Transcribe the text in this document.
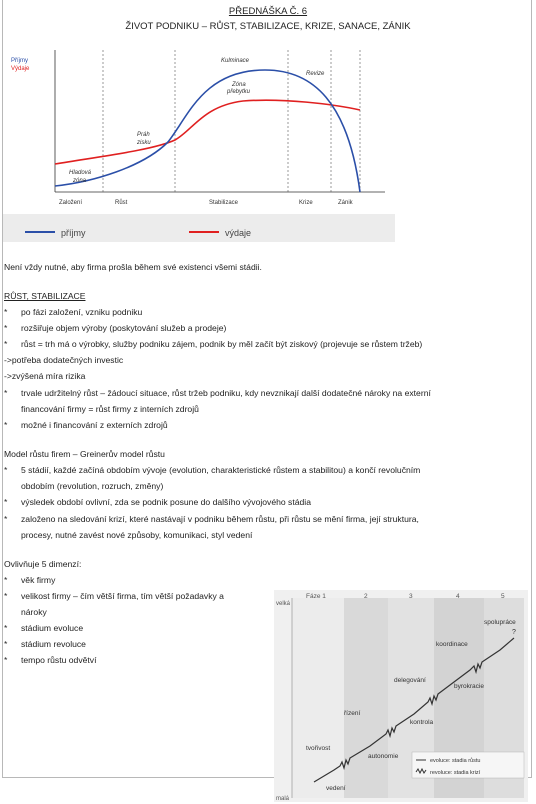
PŘEDNÁŠKA Č. 6
ŽIVOT PODNIKU – RŮST, STABILIZACE, KRIZE, SANACE, ZÁNIK
Příjmy
Výdaje
Kulminace
Zóna
přebytku
Revize
Práh
zisku
Hladová
zóna
Založení	Růst	Stabilizace	Krize	Zánik
příjmy	výdaje
Není vždy nutné, aby firma prošla během své existenci všemi stádii.
RŮST, STABILIZACE
* po fázi založení, vzniku podniku
* rozšiřuje objem výroby (poskytování služeb a prodeje)
* růst = trh má o výrobky, služby podniku zájem, podnik by měl začít být ziskový (projevuje se růstem tržeb)
->potřeba dodatečných investic
->zvýšená míra rizika
* trvale udržitelný růst – žádoucí situace, růst tržeb podniku, kdy nevznikají další dodatečné nároky na externí
financování firmy = růst firmy z interních zdrojů
* možné i financování z externích zdrojů
Model růstu firem – Greinerův model růstu
* 5 stádií, každé začíná obdobím vývoje (evolution, charakteristické růstem a stabilitou) a končí revolučním
obdobím (revolution, rozruch, změny)
* výsledek období ovlivní, zda se podnik posune do dalšího vývojového stádia
* založeno na sledování krizí, které nastávají v podniku během růstu, při růstu se mění firma, její struktura,
procesy, nutné zavést nové způsoby, komunikaci, styl vedení
Ovlivňuje 5 dimenzí:
* věk firmy
* velikost firmy – čím větší firma, tím větší požadavky a
nároky
* stádium evoluce
* stádium revoluce
* tempo růstu odvětví
velká
malá
Fáze 1	2	3	4	5
tvořivost
vedení
řízení
autonomie
delegování
kontrola
koordinace
byrokracie
spolupráce
?
evoluce: stadia růstu
revoluce: stadia krizí
